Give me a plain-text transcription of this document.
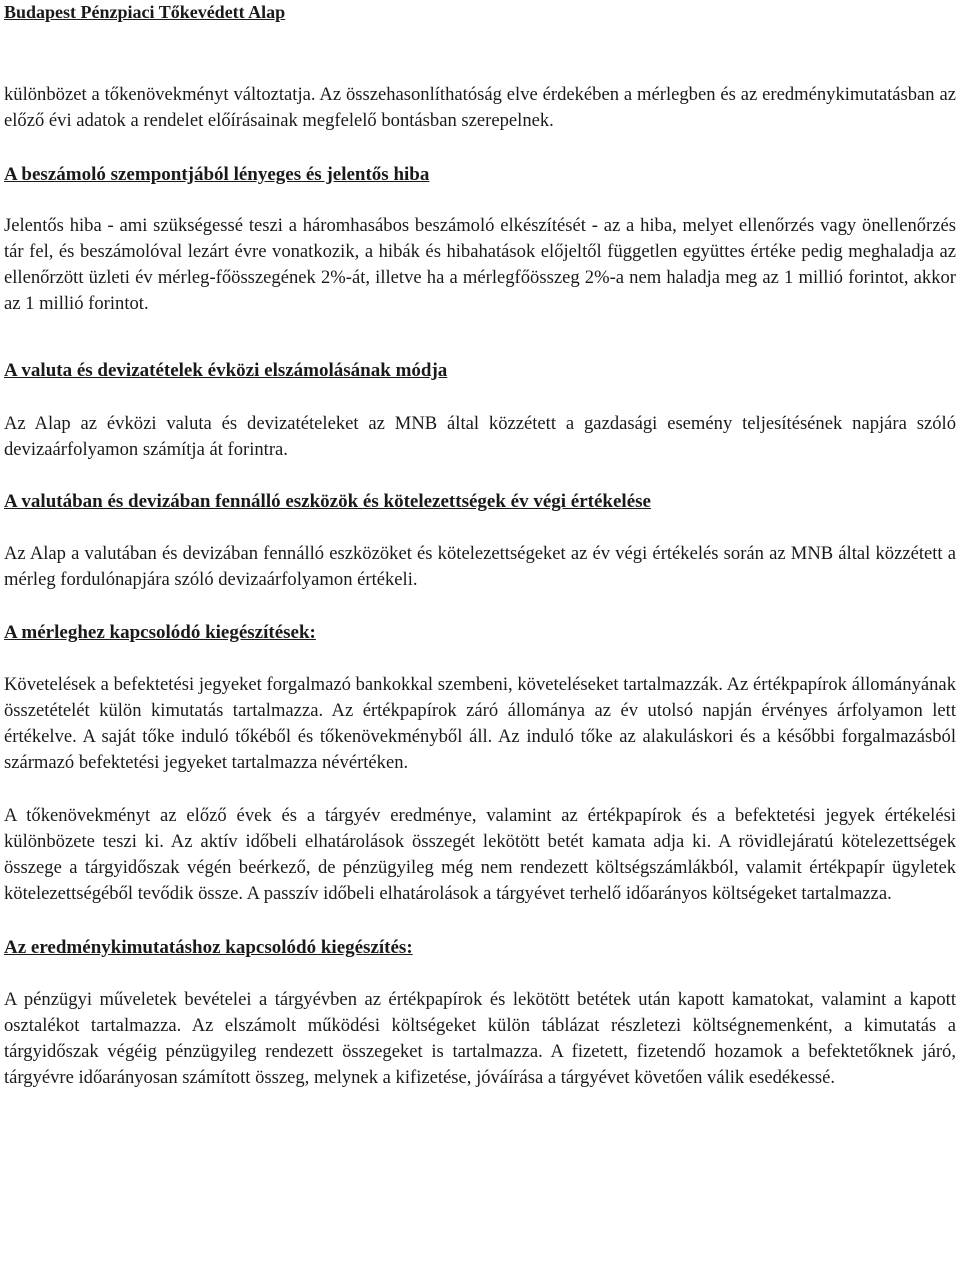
Budapest Pénzpiaci Tőkevédett Alap

különbözet a tőkenövekményt változtatja. Az összehasonlíthatóság elve érdekében a mérlegben és az eredménykimutatásban az előző évi adatok a rendelet előírásainak megfelelő bontásban szerepelnek.

A beszámoló szempontjából lényeges és jelentős hiba

Jelentős hiba - ami szükségessé teszi a háromhasábos beszámoló elkészítését - az a hiba, melyet ellenőrzés vagy önellenőrzés tár fel, és beszámolóval lezárt évre vonatkozik, a hibák és hibahatások előjeltől független együttes értéke pedig meghaladja az ellenőrzött üzleti év mérleg-főösszegének 2%-át, illetve ha a mérlegfőösszeg 2%-a nem haladja meg az 1 millió forintot, akkor az 1 millió forintot.

A valuta és devizatételek évközi elszámolásának módja

Az Alap az évközi valuta és devizatételeket az MNB által közzétett a gazdasági esemény teljesítésének napjára szóló devizaárfolyamon számítja át forintra.

A valutában és devizában fennálló eszközök és kötelezettségek év végi értékelése

Az Alap a valutában és devizában fennálló eszközöket és kötelezettségeket az év végi értékelés során az MNB által közzétett a mérleg fordulónapjára szóló devizaárfolyamon értékeli.

A mérleghez kapcsolódó kiegészítések:

Követelések a befektetési jegyeket forgalmazó bankokkal szembeni, követeléseket tartalmazzák. Az értékpapírok állományának összetételét külön kimutatás tartalmazza. Az értékpapírok záró állománya az év utolsó napján érvényes árfolyamon lett értékelve. A saját tőke induló tőkéből és tőkenövekményből áll. Az induló tőke az alakuláskori és a későbbi forgalmazásból származó befektetési jegyeket tartalmazza névértéken.

A tőkenövekményt az előző évek és a tárgyév eredménye, valamint az értékpapírok és a befektetési jegyek értékelési különbözete teszi ki. Az aktív időbeli elhatárolások összegét lekötött betét kamata adja ki. A rövidlejáratú kötelezettségek összege a tárgyidőszak végén beérkező, de pénzügyileg még nem rendezett költségszámlákból, valamit értékpapír ügyletek kötelezettségéből tevődik össze. A passzív időbeli elhatárolások a tárgyévet terhelő időarányos költségeket tartalmazza.

Az eredménykimutatáshoz kapcsolódó kiegészítés:

A pénzügyi műveletek bevételei a tárgyévben az értékpapírok és lekötött betétek után kapott kamatokat, valamint a kapott osztalékot tartalmazza. Az elszámolt működési költségeket külön táblázat részletezi költségnemenként, a kimutatás a tárgyidőszak végéig pénzügyileg rendezett összegeket is tartalmazza. A fizetett, fizetendő hozamok a befektetőknek járó, tárgyévre időarányosan számított összeg, melynek a kifizetése, jóváírása a tárgyévet követően válik esedékessé.
